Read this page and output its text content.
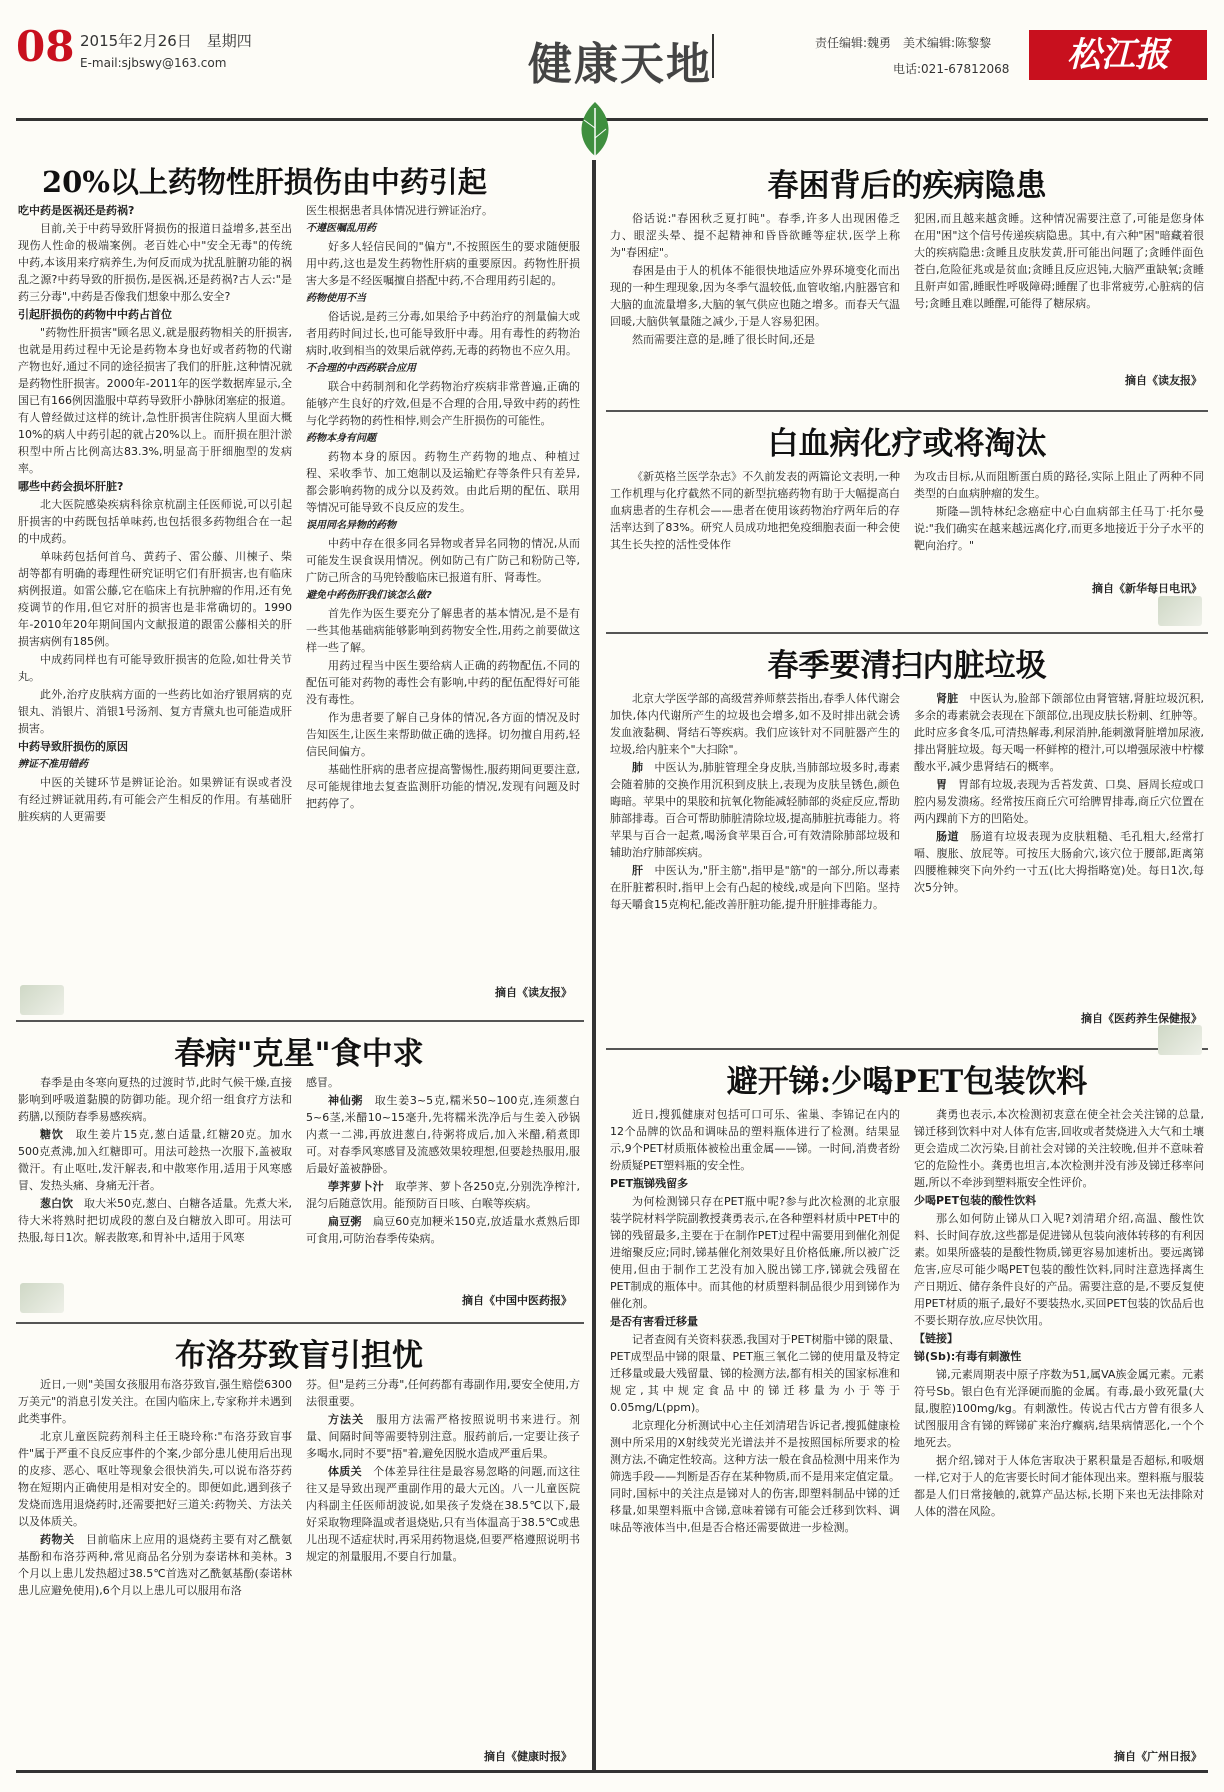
08 2015年2月26日　星期四
E-mail:sjbswy@163.com	健康天地	责任编辑:魏勇　美术编辑:陈黎黎
电话:021-67812068	松江报
20%以上药物性肝损伤由中药引起

吃中药是医祸还是药祸?

目前,关于中药导致肝肾损伤的报道日益增多,甚至出现伤人性命的极端案例。老百姓心中"安全无毒"的传统中药,本该用来疗病养生,为何反而成为扰乱脏腑功能的祸乱之源?中药导致的肝损伤,是医祸,还是药祸?古人云:"是药三分毒",中药是否像我们想象中那么安全?

引起肝损伤的药物中中药占首位

"药物性肝损害"顾名思义,就是服药物相关的肝损害,也就是用药过程中无论是药物本身也好或者药物的代谢产物也好,通过不同的途径损害了我们的肝脏,这种情况就是药物性肝损害。2000年-2011年的医学数据库显示,全国已有166例因滥服中草药导致肝小静脉闭塞症的报道。有人曾经做过这样的统计,急性肝损害住院病人里面大概10%的病人中药引起的就占20%以上。而肝损在胆汁淤积型中所占比例高达83.3%,明显高于肝细胞型的发病率。

哪些中药会损坏肝脏?

北大医院感染疾病科徐京杭副主任医师说,可以引起肝损害的中药既包括单味药,也包括很多药物组合在一起的中成药。

单味药包括何首乌、黄药子、雷公藤、川楝子、柴胡等都有明确的毒理性研究证明它们有肝损害,也有临床病例报道。如雷公藤,它在临床上有抗肿瘤的作用,还有免疫调节的作用,但它对肝的损害也是非常确切的。1990年-2010年20年期间国内文献报道的跟雷公藤相关的肝损害病例有185例。

中成药同样也有可能导致肝损害的危险,如壮骨关节丸。

此外,治疗皮肤病方面的一些药比如治疗银屑病的克银丸、消银片、消银1号汤剂、复方青黛丸也可能造成肝损害。

中药导致肝损伤的原因

辨证不准用错药

中医的关键环节是辨证论治。如果辨证有误或者没有经过辨证就用药,有可能会产生相反的作用。有基础肝脏疾病的人更需要

医生根据患者具体情况进行辨证治疗。

不遵医嘱乱用药

好多人轻信民间的"偏方",不按照医生的要求随便服用中药,这也是发生药物性肝病的重要原因。药物性肝损害大多是不经医嘱擅自搭配中药,不合理用药引起的。

药物使用不当

俗话说,是药三分毒,如果给予中药治疗的剂量偏大或者用药时间过长,也可能导致肝中毒。用有毒性的药物治病时,收到相当的效果后就停药,无毒的药物也不应久用。

不合理的中西药联合应用

联合中药制剂和化学药物治疗疾病非常普遍,正确的能够产生良好的疗效,但是不合理的合用,导致中药的药性与化学药物的药性相悖,则会产生肝损伤的可能性。

药物本身有问题

药物本身的原因。药物生产药物的地点、种植过程、采收季节、加工炮制以及运输贮存等条件只有差异,都会影响药物的成分以及药效。由此后期的配伍、联用等情况可能导致不良反应的发生。

误用同名异物的药物

中药中存在很多同名异物或者异名同物的情况,从而可能发生误食误用情况。例如防己有广防己和粉防己等,广防己所含的马兜铃酸临床已报道有肝、肾毒性。

避免中药伤肝我们该怎么做?

首先作为医生要充分了解患者的基本情况,是不是有一些其他基础病能够影响到药物安全性,用药之前要做这样一些了解。

用药过程当中医生要给病人正确的药物配伍,不同的配伍可能对药物的毒性会有影响,中药的配伍配得好可能没有毒性。

作为患者要了解自己身体的情况,各方面的情况及时告知医生,让医生来帮助做正确的选择。切勿擅自用药,轻信民间偏方。

基础性肝病的患者应提高警惕性,服药期间更要注意,尽可能规律地去复查监测肝功能的情况,发现有问题及时把药停了。

摘自《读友报》
春病"克星"食中求

春季是由冬寒向夏热的过渡时节,此时气候干燥,直接影响到呼吸道黏膜的防御功能。现介绍一组食疗方法和药膳,以预防春季易感疾病。

糖饮　取生姜片15克,葱白适量,红糖20克。加水500克煮沸,加入红糖即可。用法可趁热一次服下,盖被取微汗。有止呕吐,发汗解表,和中散寒作用,适用于风寒感冒、发热头痛、身痛无汗者。

葱白饮　取大米50克,葱白、白糖各适量。先煮大米,待大米将熟时把切成段的葱白及白糖放入即可。用法可热服,每日1次。解表散寒,和胃补中,适用于风寒

感冒。

神仙粥　取生姜3~5克,糯米50~100克,连须葱白5~6茎,米醋10~15毫升,先将糯米洗净后与生姜入砂锅内煮一二沸,再放进葱白,待粥将成后,加入米醋,稍煮即可。对春季风寒感冒及流感效果较理想,但要趁热服用,服后最好盖被静卧。

荸荠萝卜汁　取荸荠、萝卜各250克,分别洗净榨汁,混匀后随意饮用。能预防百日咳、白喉等疾病。

扁豆粥　扁豆60克加粳米150克,放适量水煮熟后即可食用,可防治春季传染病。

摘自《中国中医药报》
布洛芬致盲引担忧

近日,一则"美国女孩服用布洛芬致盲,强生赔偿6300万美元"的消息引发关注。在国内临床上,专家称并未遇到此类事件。

北京儿童医院药剂科主任王晓玲称:"布洛芬致盲事件"属于严重不良反应事件的个案,少部分患儿使用后出现的皮疹、恶心、呕吐等现象会很快消失,可以说布洛芬药物在短期内正确使用是相对安全的。即便如此,遇到孩子发烧而选用退烧药时,还需要把好三道关:药物关、方法关以及体质关。

药物关　目前临床上应用的退烧药主要有对乙酰氨基酚和布洛芬两种,常见商品名分别为泰诺林和美林。3个月以上患儿发热超过38.5℃首选对乙酰氨基酚(泰诺林患儿应避免使用),6个月以上患儿可以服用布洛

芬。但"是药三分毒",任何药都有毒副作用,要安全使用,方法很重要。

方法关　服用方法需严格按照说明书来进行。剂量、间隔时间等需要特别注意。服药前后,一定要让孩子多喝水,同时不要"捂"着,避免因脱水造成严重后果。

体质关　个体差异往往是最容易忽略的问题,而这往往又是导致出现严重副作用的最大元凶。八一儿童医院内科副主任医师胡波说,如果孩子发烧在38.5℃以下,最好采取物理降温或者退烧贴,只有当体温高于38.5℃或患儿出现不适症状时,再采用药物退烧,但要严格遵照说明书规定的剂量服用,不要自行加量。

摘自《健康时报》
春困背后的疾病隐患

俗话说:"春困秋乏夏打盹"。春季,许多人出现困倦乏力、眼涩头晕、提不起精神和昏昏欲睡等症状,医学上称为"春困症"。

春困是由于人的机体不能很快地适应外界环境变化而出现的一种生理现象,因为冬季气温较低,血管收缩,内脏器官和大脑的血流量增多,大脑的氧气供应也随之增多。而春天气温回暖,大脑供氧量随之减少,于是人容易犯困。

然而需要注意的是,睡了很长时间,还是

犯困,而且越来越贪睡。这种情况需要注意了,可能是您身体在用"困"这个信号传递疾病隐患。其中,有六种"困"暗藏着很大的疾病隐患:贪睡且皮肤发黄,肝可能出问题了;贪睡伴面色苍白,危险征兆或是贫血;贪睡且反应迟钝,大脑严重缺氧;贪睡且鼾声如雷,睡眠性呼吸障碍;睡醒了也非常疲劳,心脏病的信号;贪睡且难以睡醒,可能得了糖尿病。

摘自《读友报》
白血病化疗或将淘汰

《新英格兰医学杂志》不久前发表的两篇论文表明,一种工作机理与化疗截然不同的新型抗癌药物有助于大幅提高白血病患者的生存机会——患者在使用该药物治疗两年后的存活率达到了83%。研究人员成功地把免疫细胞表面一种会使其生长失控的活性受体作

为攻击目标,从而阻断蛋白质的路径,实际上阻止了两种不同类型的白血病肿瘤的发生。

斯隆—凯特林纪念癌症中心白血病部主任马丁·托尔曼说:"我们确实在越来越远离化疗,而更多地接近于分子水平的靶向治疗。"

摘自《新华每日电讯》
春季要清扫内脏垃圾

北京大学医学部的高级营养师蔡芸指出,春季人体代谢会加快,体内代谢所产生的垃圾也会增多,如不及时排出就会诱发血液黏稠、肾结石等疾病。我们应该针对不同脏器产生的垃圾,给内脏来个"大扫除"。

肺　中医认为,肺脏管理全身皮肤,当肺部垃圾多时,毒素会随着肺的交换作用沉积到皮肤上,表现为皮肤呈锈色,颜色晦暗。苹果中的果胶和抗氧化物能减轻肺部的炎症反应,帮助肺部排毒。百合可帮助肺脏清除垃圾,提高肺脏抗毒能力。将苹果与百合一起煮,喝汤食苹果百合,可有效清除肺部垃圾和辅助治疗肺部疾病。

肝　中医认为,"肝主筋",指甲是"筋"的一部分,所以毒素在肝脏蓄积时,指甲上会有凸起的棱线,或是向下凹陷。坚持每天嚼食15克枸杞,能改善肝脏功能,提升肝脏排毒能力。

肾脏　中医认为,脸部下颌部位由肾管辖,肾脏垃圾沉积,多余的毒素就会表现在下颌部位,出现皮肤长粉刺、红肿等。此时应多食冬瓜,可清热解毒,利尿消肿,能刺激肾脏增加尿液,排出肾脏垃圾。每天喝一杯鲜榨的橙汁,可以增强尿液中柠檬酸水平,减少患肾结石的概率。

胃　胃部有垃圾,表现为舌苔发黄、口臭、唇周长痘或口腔内易发溃疡。经常按压商丘穴可给脾胃排毒,商丘穴位置在两内踝前下方的凹陷处。

肠道　肠道有垃圾表现为皮肤粗糙、毛孔粗大,经常打嗝、腹胀、放屁等。可按压大肠俞穴,该穴位于腰部,距离第四腰椎棘突下向外约一寸五(比大拇指略宽)处。每日1次,每次5分钟。

摘自《医药养生保健报》
避开锑:少喝PET包装饮料

近日,搜狐健康对包括可口可乐、雀巢、李锦记在内的12个品牌的饮品和调味品的塑料瓶体进行了检测。结果显示,9个PET材质瓶体被检出重金属——锑。一时间,消费者纷纷质疑PET塑料瓶的安全性。

PET瓶锑残留多

为何检测锑只存在PET瓶中呢?参与此次检测的北京服装学院材料学院副教授龚勇表示,在各种塑料材质中PET中的锑的残留最多,主要在于在制作PET过程中需要用到催化剂促进缩聚反应;同时,锑基催化剂效果好且价格低廉,所以被广泛使用,但由于制作工艺没有加入脱出锑工序,锑就会残留在PET制成的瓶体中。而其他的材质塑料制品很少用到锑作为催化剂。

是否有害看迁移量

记者查阅有关资料获悉,我国对于PET树脂中锑的限量、PET成型品中锑的限量、PET瓶三氧化二锑的使用量及特定迁移量或最大残留量、锑的检测方法,都有相关的国家标准和规定,其中规定食品中的锑迁移量为小于等于0.05mg/L(ppm)。

北京理化分析测试中心主任刘清珺告诉记者,搜狐健康检测中所采用的X射线荧光光谱法并不是按照国标所要求的检测方法,不确定性较高。这种方法一般在食品检测中用来作为筛选手段——判断是否存在某种物质,而不是用来定值定量。同时,国标中的关注点是锑对人的伤害,即塑料制品中锑的迁移量,如果塑料瓶中含锑,意味着锑有可能会迁移到饮料、调味品等液体当中,但是否合格还需要做进一步检测。

龚勇也表示,本次检测初衷意在使全社会关注锑的总量,锑迁移到饮料中对人体有危害,回收或者焚烧进入大气和土壤更会造成二次污染,目前社会对锑的关注较晚,但并不意味着它的危险性小。龚勇也坦言,本次检测并没有涉及锑迁移率问题,所以不牵涉到塑料瓶安全性评价。

少喝PET包装的酸性饮料

那么如何防止锑从口入呢?刘清珺介绍,高温、酸性饮料、长时间存放,这些都是促进锑从包装向液体转移的有利因素。如果所盛装的是酸性物质,锑更容易加速析出。要远离锑危害,应尽可能少喝PET包装的酸性饮料,同时注意选择离生产日期近、储存条件良好的产品。需要注意的是,不要反复使用PET材质的瓶子,最好不要装热水,买回PET包装的饮品后也不要长期存放,应尽快饮用。

【链接】

锑(Sb):有毒有刺激性

锑,元素周期表中原子序数为51,属VA族金属元素。元素符号Sb。银白色有光泽硬而脆的金属。有毒,最小致死量(大鼠,腹腔)100mg/kg。有刺激性。传说古代古方曾有很多人试图服用含有锑的辉锑矿来治疗癫病,结果病情恶化,一个个地死去。

据介绍,锑对于人体危害取决于累积量是否超标,和吸烟一样,它对于人的危害要长时间才能体现出来。塑料瓶与服装都是人们日常接触的,就算产品达标,长期下来也无法排除对人体的潜在风险。

摘自《广州日报》
